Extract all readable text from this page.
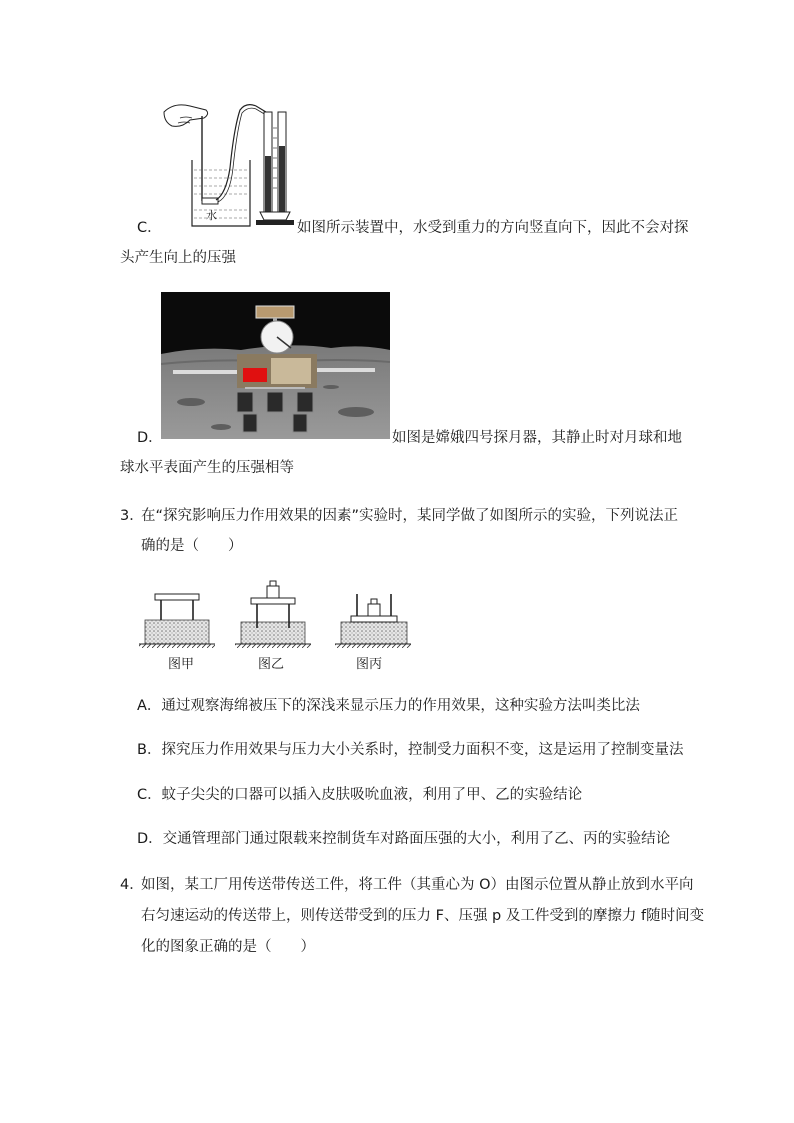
水
C．	如图所示装置中，水受到重力的方向竖直向下，因此不会对探
头产生向上的压强
D．	如图是嫦娥四号探月器，其静止时对月球和地
球水平表面产生的压强相等
3．
在“探究影响压力作用效果的因素”实验时，某同学做了如图所示的实验，下列说法正
确的是（　　）
图甲	图乙	图丙
A．通过观察海绵被压下的深浅来显示压力的作用效果，这种实验方法叫类比法
B．探究压力作用效果与压力大小关系时，控制受力面积不变，这是运用了控制变量法
C．蚊子尖尖的口器可以插入皮肤吸吮血液，利用了甲、乙的实验结论
D．交通管理部门通过限载来控制货车对路面压强的大小，利用了乙、丙的实验结论
4．
如图，某工厂用传送带传送工件，将工件（其重心为 O）由图示位置从静止放到水平向
右匀速运动的传送带上，则传送带受到的压力 F、压强 p 及工件受到的摩擦力 f随时间变
化的图象正确的是（　　）
